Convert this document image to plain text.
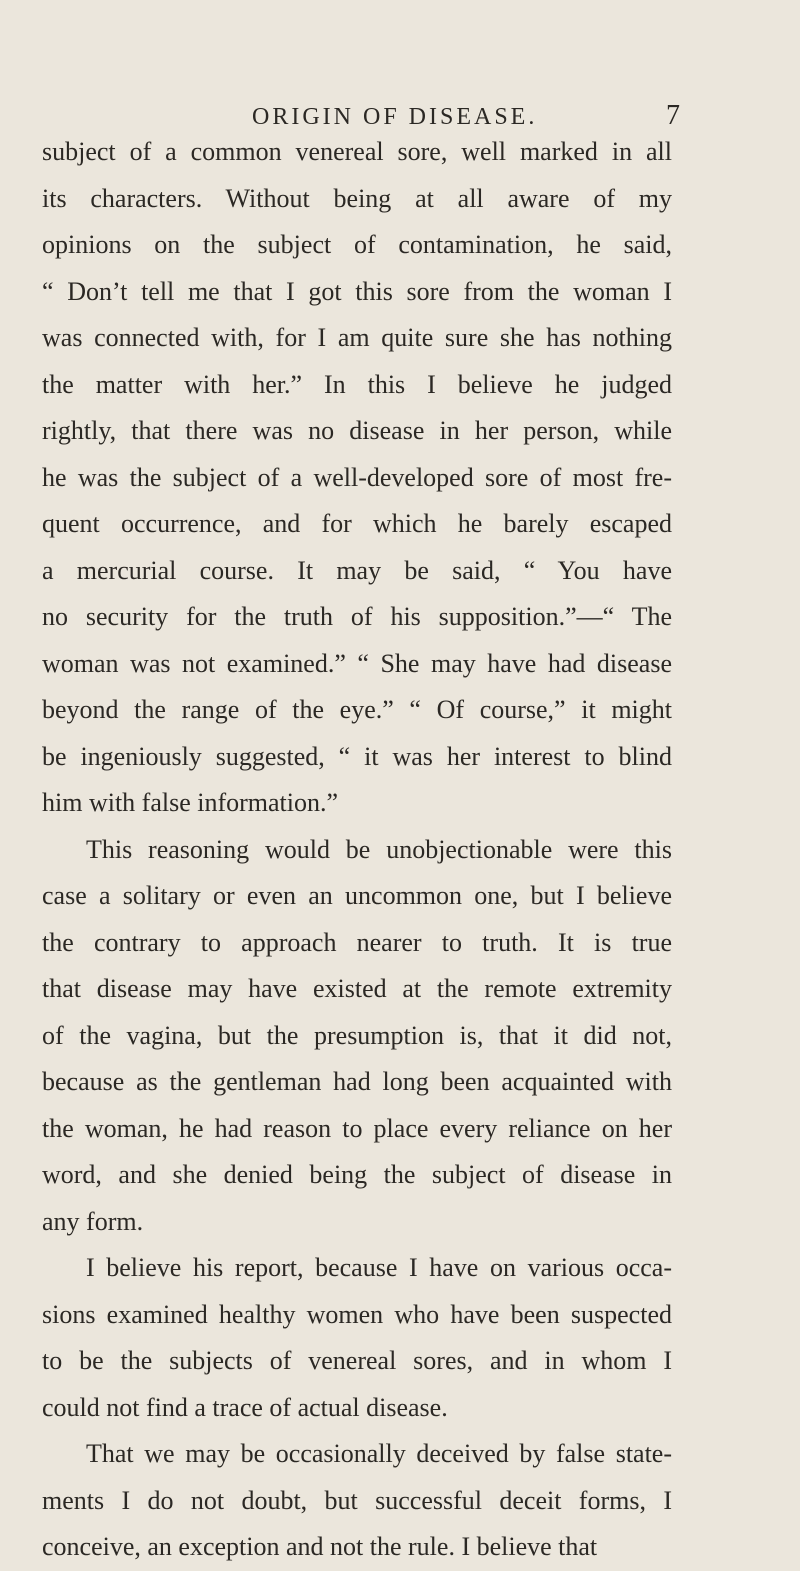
ORIGIN OF DISEASE.	7
subject of a common venereal sore, well marked in all
its characters. Without being at all aware of my
opinions on the subject of contamination, he said,
“ Don’t tell me that I got this sore from the woman I
was connected with, for I am quite sure she has nothing
the matter with her.” In this I believe he judged
rightly, that there was no disease in her person, while
he was the subject of a well-developed sore of most fre-
quent occurrence, and for which he barely escaped
a mercurial course. It may be said, “ You have
no security for the truth of his supposition.”—“ The
woman was not examined.” “ She may have had disease
beyond the range of the eye.” “ Of course,” it might
be ingeniously suggested, “ it was her interest to blind
him with false information.”
This reasoning would be unobjectionable were this
case a solitary or even an uncommon one, but I believe
the contrary to approach nearer to truth. It is true
that disease may have existed at the remote extremity
of the vagina, but the presumption is, that it did not,
because as the gentleman had long been acquainted with
the woman, he had reason to place every reliance on her
word, and she denied being the subject of disease in
any form.
I believe his report, because I have on various occa-
sions examined healthy women who have been suspected
to be the subjects of venereal sores, and in whom I
could not find a trace of actual disease.
That we may be occasionally deceived by false state-
ments I do not doubt, but successful deceit forms, I
conceive, an exception and not the rule. I believe that
